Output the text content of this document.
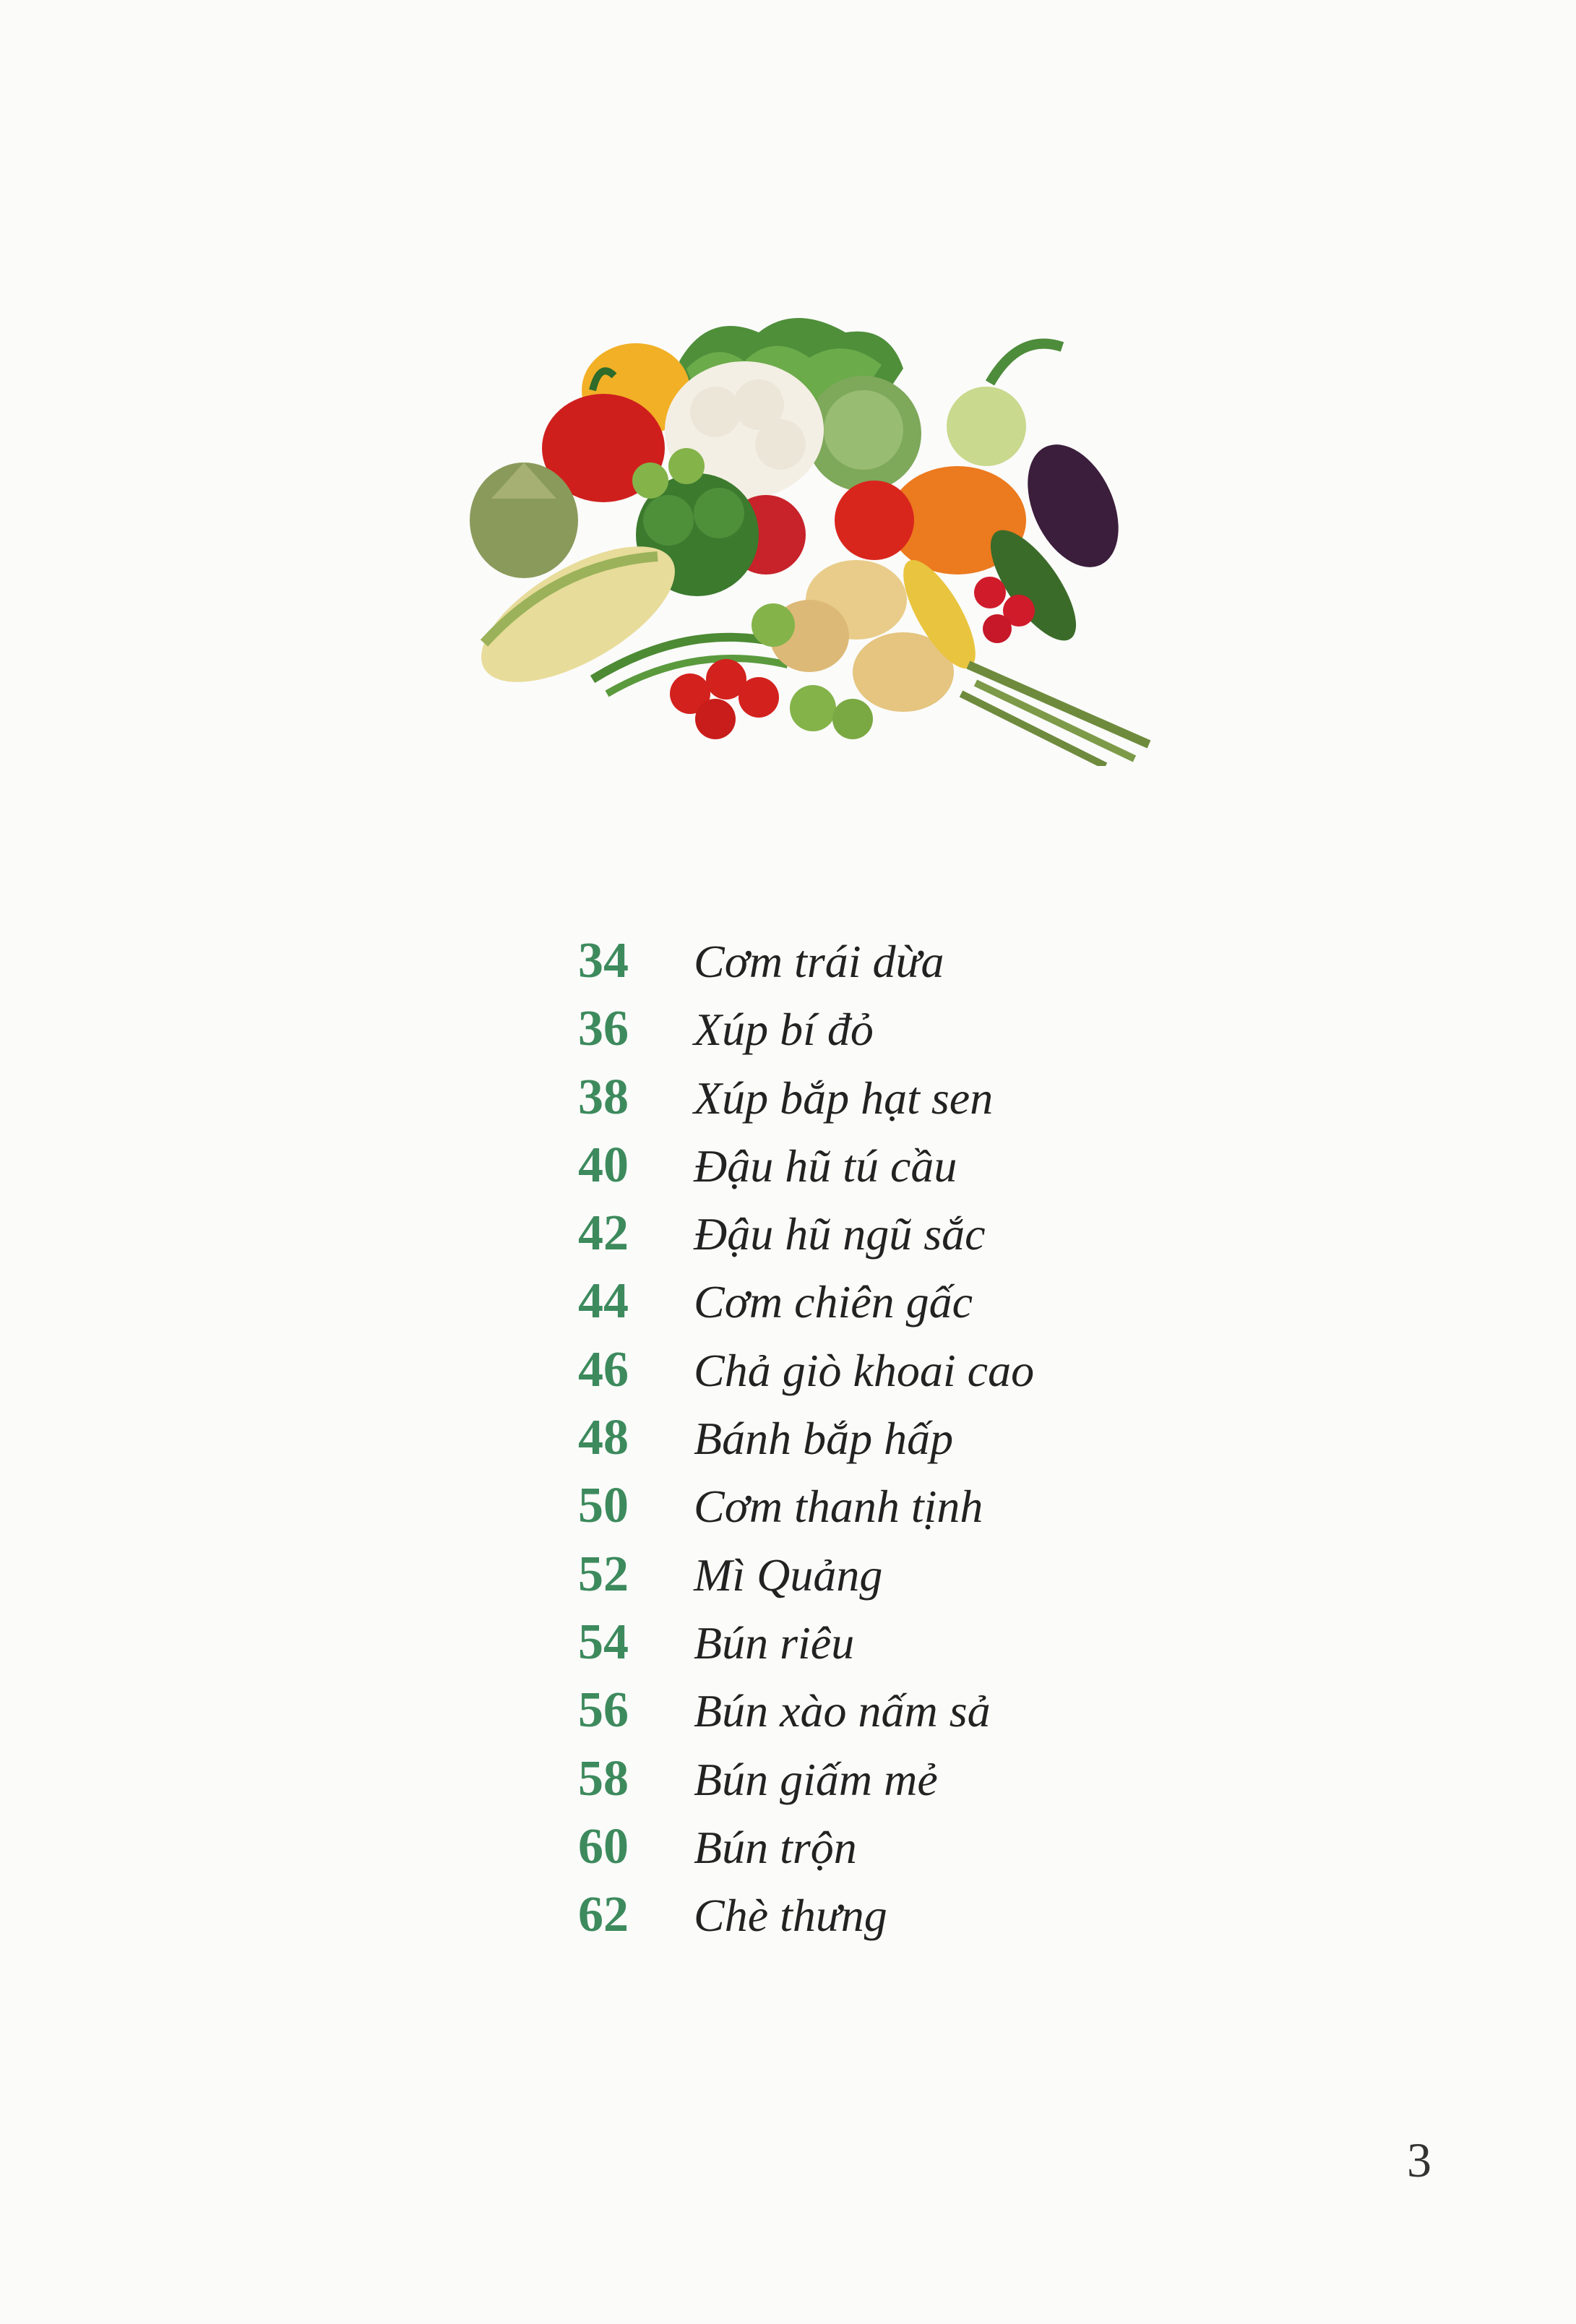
34	Cơm trái dừa
36	Xúp bí đỏ
38	Xúp bắp hạt sen
40	Đậu hũ tú cầu
42	Đậu hũ ngũ sắc
44	Cơm chiên gấc
46	Chả giò khoai cao
48	Bánh bắp hấp
50	Cơm thanh tịnh
52	Mì Quảng
54	Bún riêu
56	Bún xào nấm sả
58	Bún giấm mẻ
60	Bún trộn
62	Chè thưng
3
